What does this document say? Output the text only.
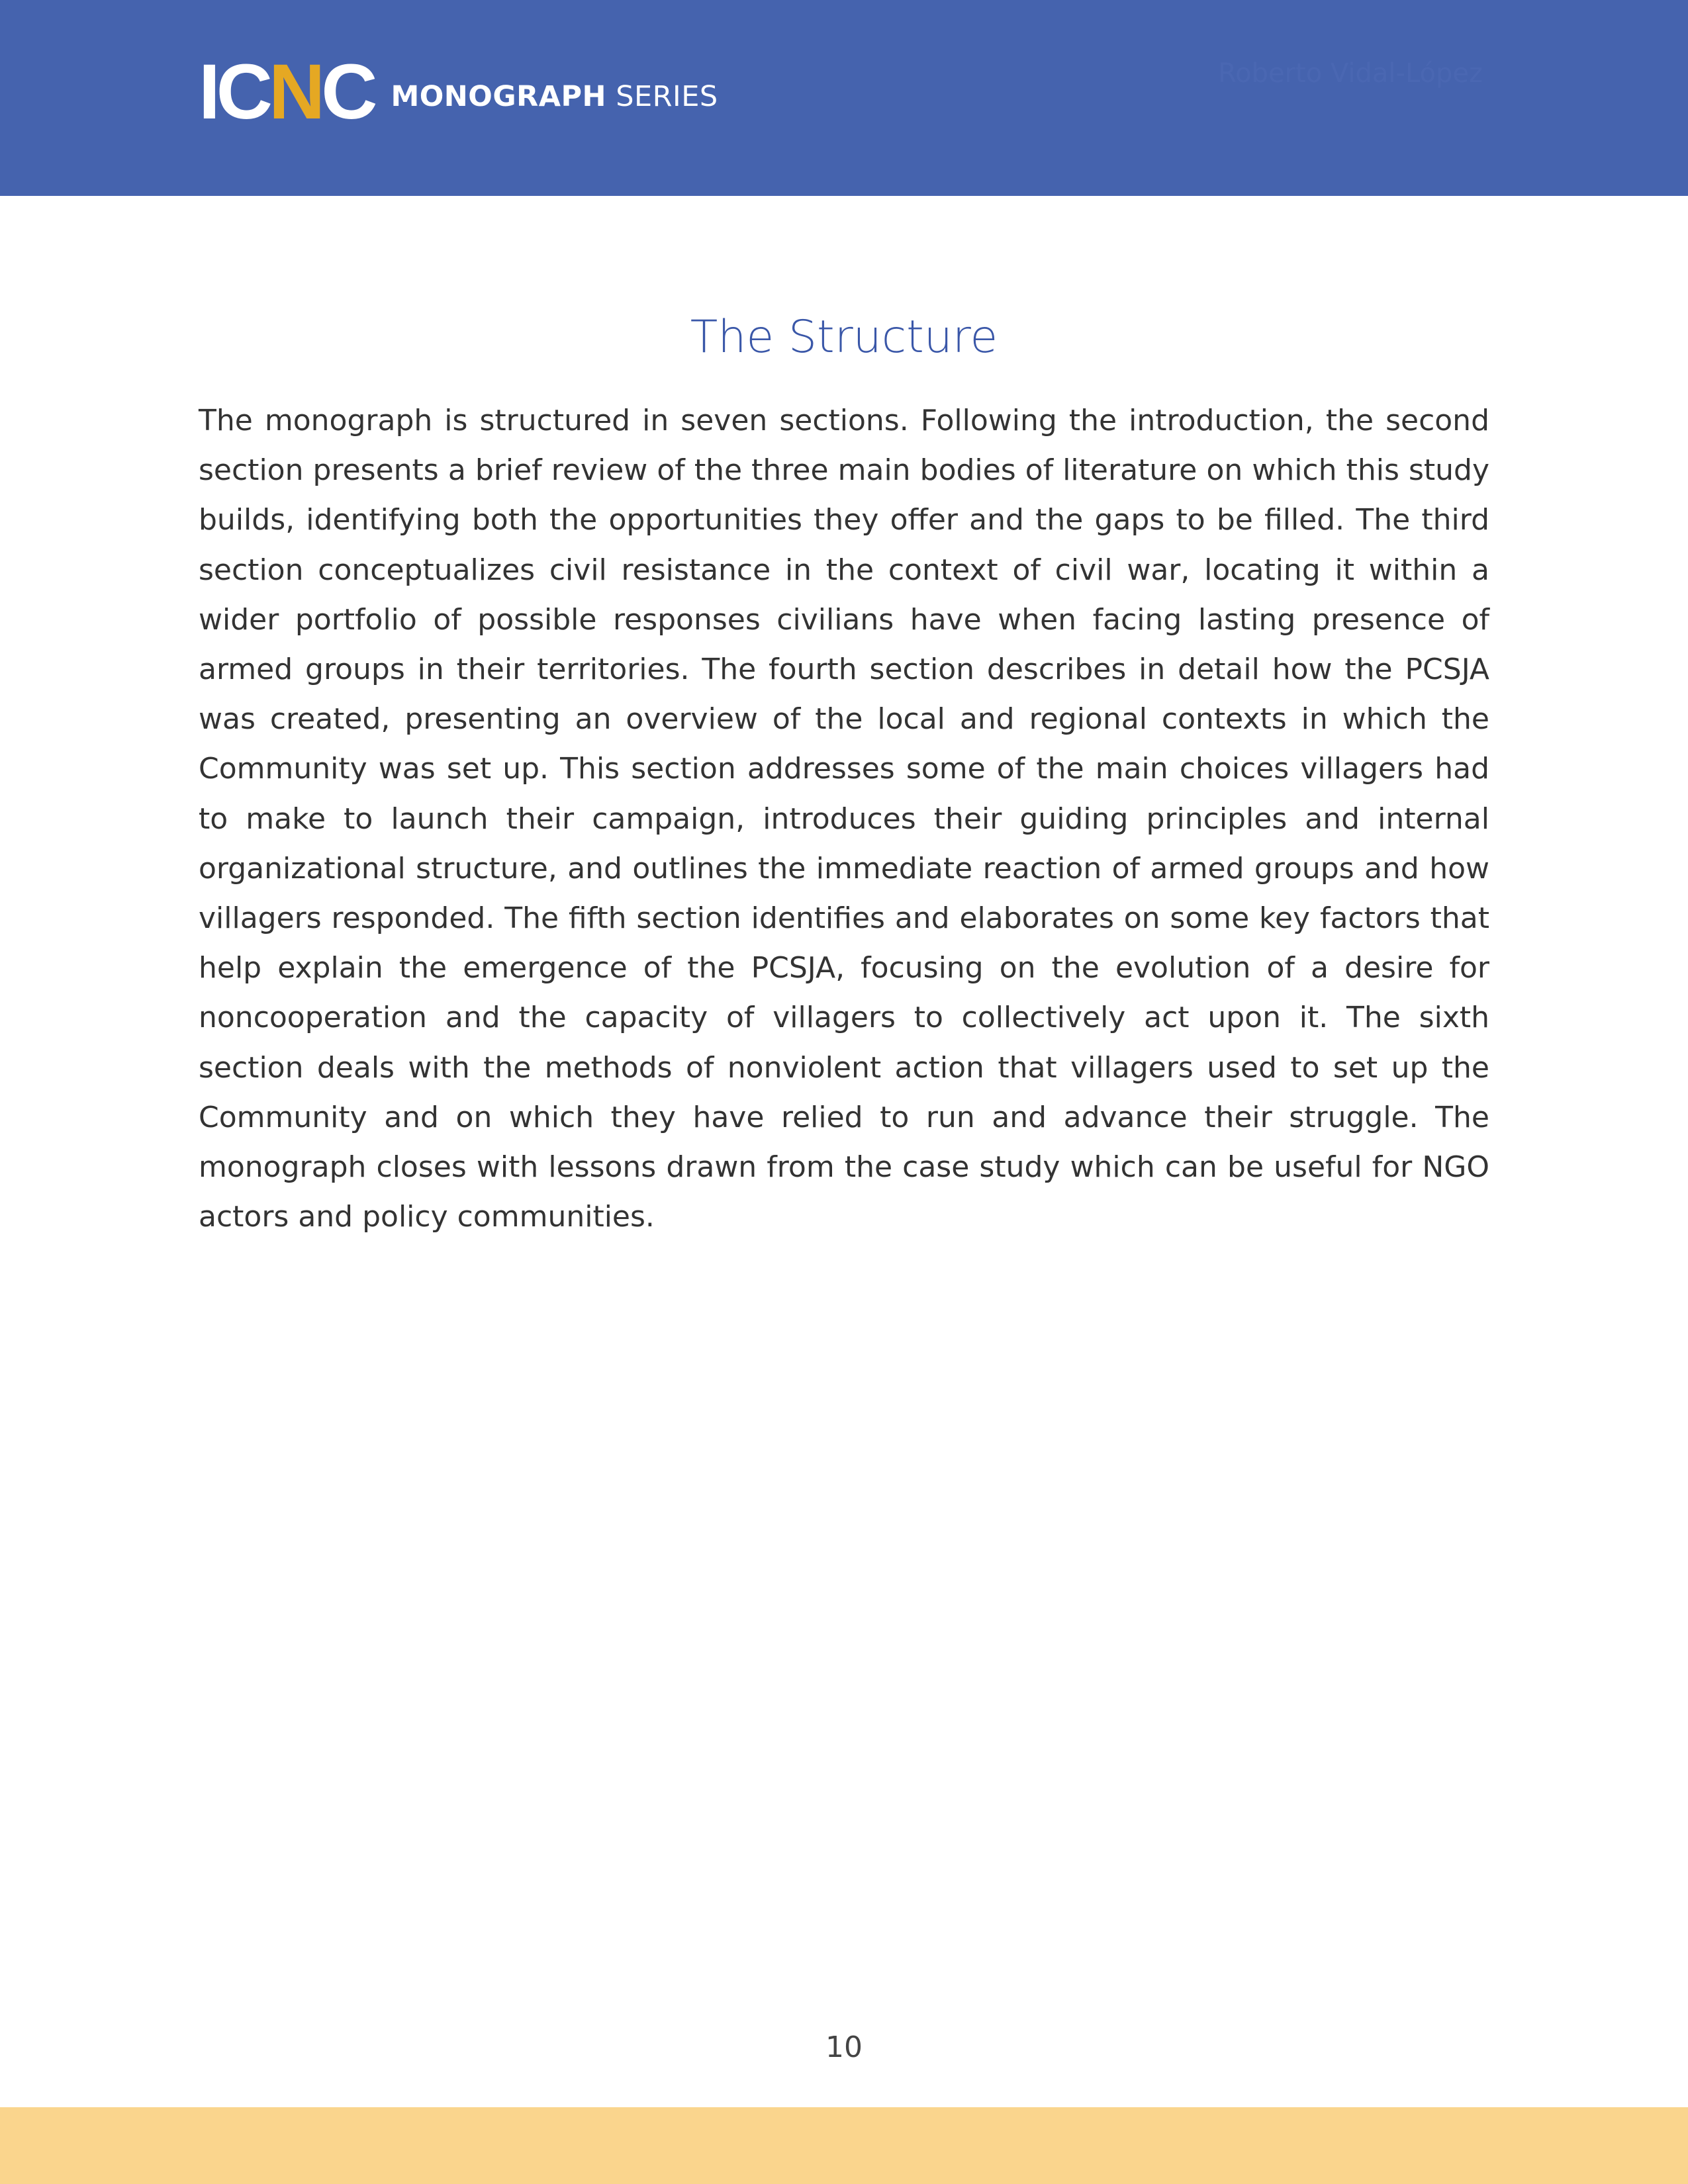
I C N C MONOGRAPH SERIES
Roberto Vidal-López
The Structure

The monograph is structured in seven sections. Following the introduction, the second section presents a brief review of the three main bodies of literature on which this study builds, identifying both the opportunities they offer and the gaps to be filled. The third section conceptualizes civil resistance in the context of civil war, locating it within a wider portfolio of possible responses civilians have when facing lasting presence of armed groups in their territories. The fourth section describes in detail how the PCSJA was created, presenting an overview of the local and regional contexts in which the Community was set up. This section addresses some of the main choices villagers had to make to launch their campaign, introduces their guiding principles and internal organizational structure, and outlines the immediate reaction of armed groups and how villagers responded. The fifth section identifies and elaborates on some key factors that help explain the emergence of the PCSJA, focusing on the evolution of a desire for noncooperation and the capacity of villagers to collectively act upon it. The sixth section deals with the methods of nonviolent action that villagers used to set up the Community and on which they have relied to run and advance their struggle. The monograph closes with lessons drawn from the case study which can be useful for NGO actors and policy communities.

10
